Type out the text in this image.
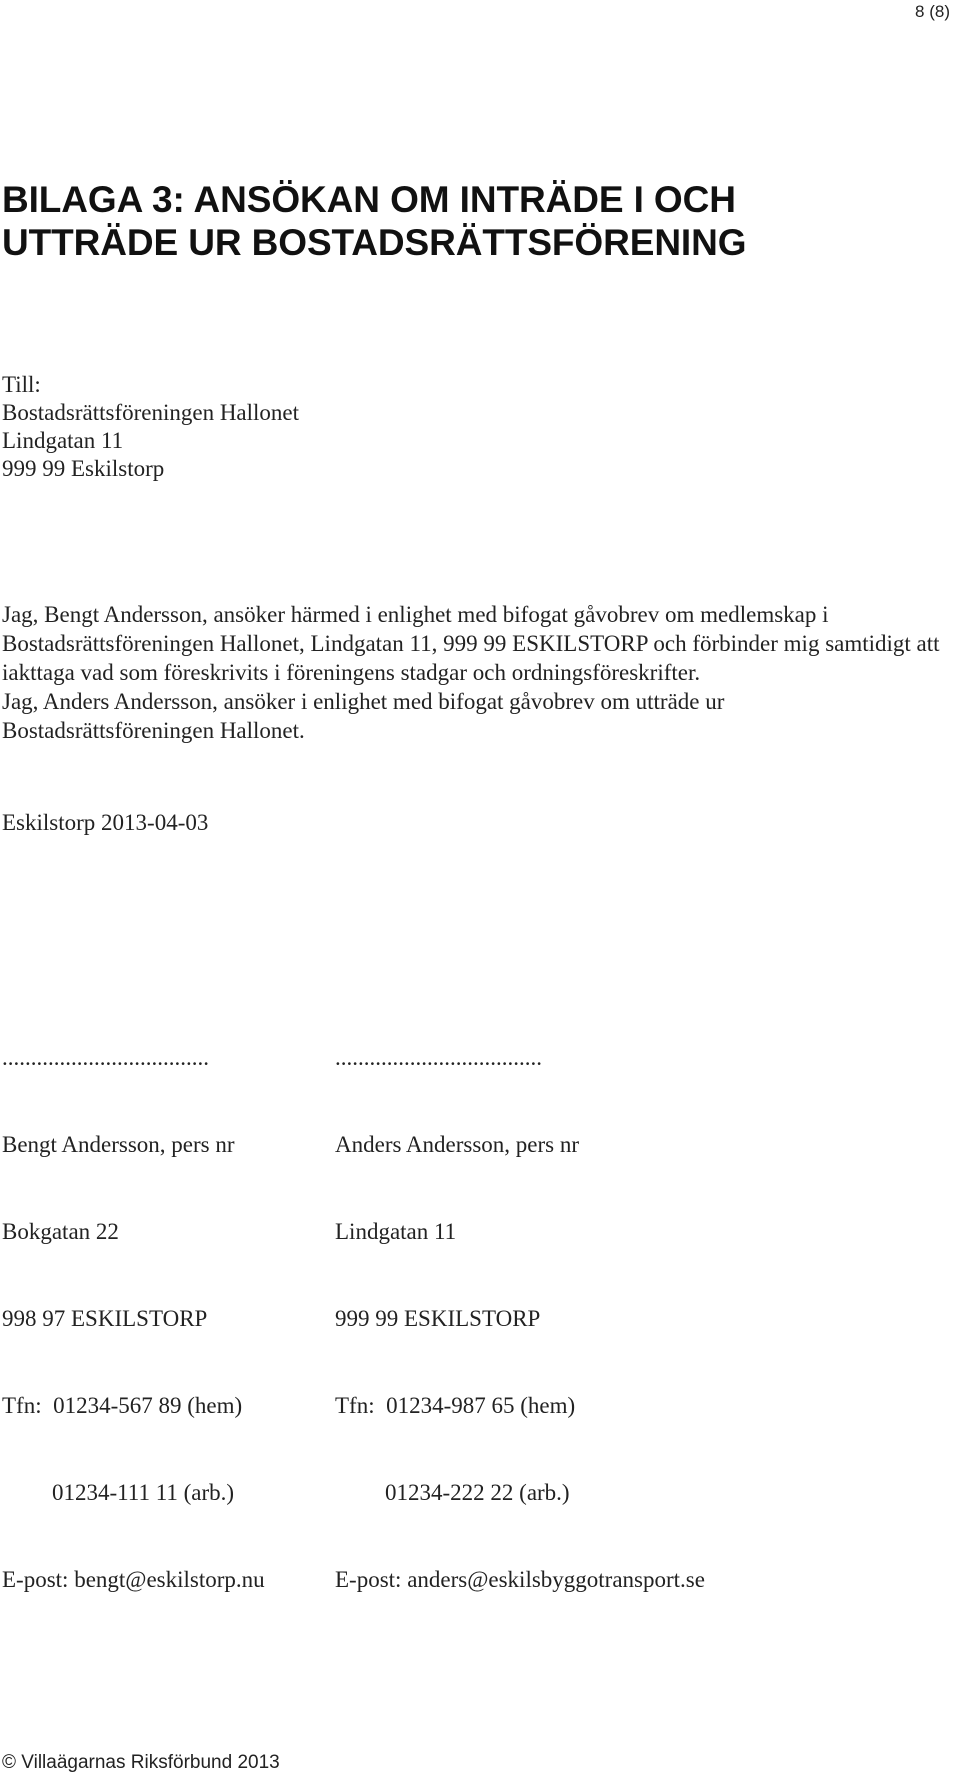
8 (8)
BILAGA 3: ANSÖKAN OM INTRÄDE I OCH
UTTRÄDE UR BOSTADSRÄTTSFÖRENING
Till:
Bostadsrättsföreningen Hallonet
Lindgatan 11
999 99 Eskilstorp

Jag, Bengt Andersson, ansöker härmed i enlighet med bifogat gåvobrev om medlemskap i Bostadsrättsföreningen Hallonet, Lindgatan 11, 999 99 ESKILSTORP och förbinder mig samtidigt att iakttaga vad som föreskrivits i föreningens stadgar och ordningsföreskrifter.

Jag, Anders Andersson, ansöker i enlighet med bifogat gåvobrev om utträde ur Bostadsrättsföreningen Hallonet.

Eskilstorp 2013-04-03

....................................

Bengt Andersson, pers nr

Bokgatan 22

998 97 ESKILSTORP

Tfn:  01234-567 89 (hem)

01234-111 11 (arb.)

E-post: bengt@eskilstorp.nu

....................................

Anders Andersson, pers nr

Lindgatan 11

999 99 ESKILSTORP

Tfn:  01234-987 65 (hem)

01234-222 22 (arb.)

E-post: anders@eskilsbyggotransport.se

© Villaägarnas Riksförbund 2013
